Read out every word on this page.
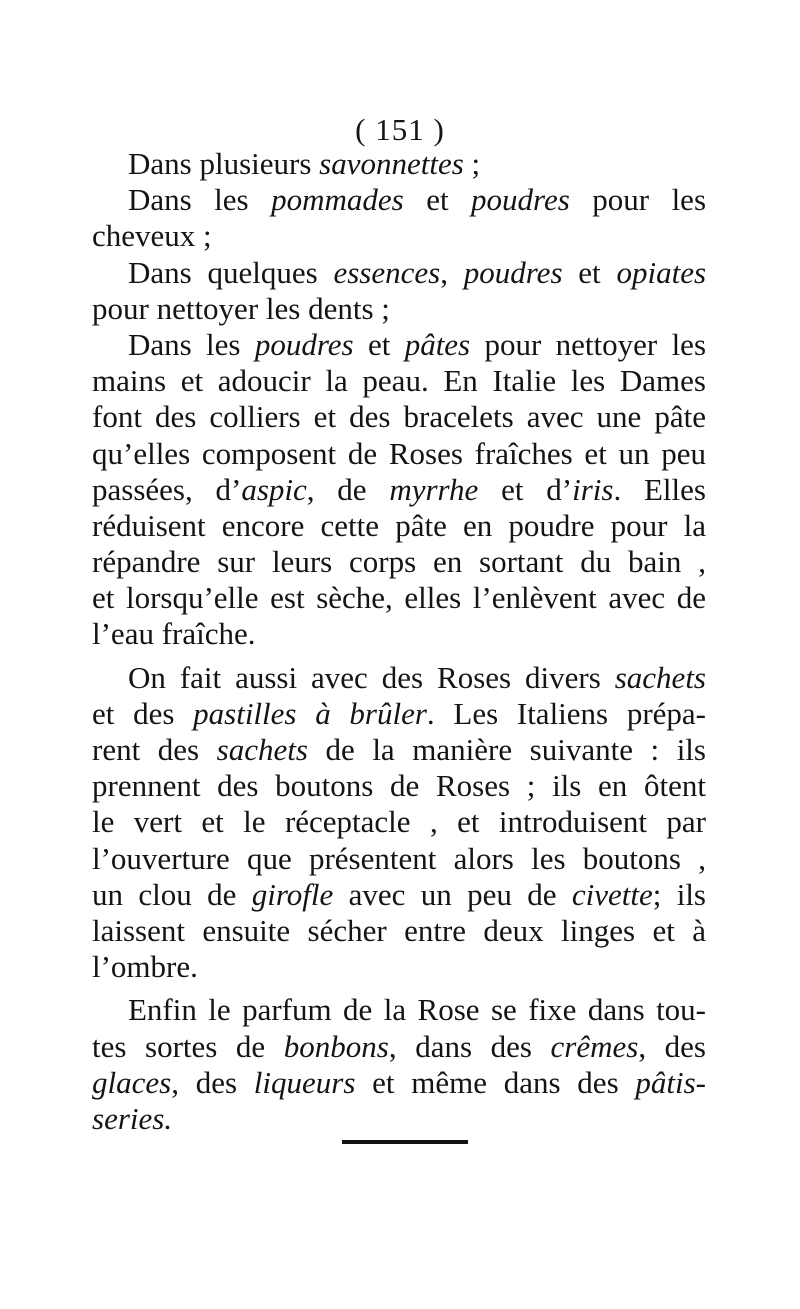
( 151 )
Dans plusieurs savonnettes ;
Dans les pommades et poudres pour les
cheveux ;
Dans quelques essences, poudres et opiates
pour nettoyer les dents ;
Dans les poudres et pâtes pour nettoyer les
mains et adoucir la peau. En Italie les Dames
font des colliers et des bracelets avec une pâte
qu’elles composent de Roses fraîches et un peu
passées, d’aspic, de myrrhe et d’iris. Elles
réduisent encore cette pâte en poudre pour la
répandre sur leurs corps en sortant du bain ,
et lorsqu’elle est sèche, elles l’enlèvent avec de
l’eau fraîche.
On fait aussi avec des Roses divers sachets
et des pastilles à brûler. Les Italiens prépa-
rent des sachets de la manière suivante : ils
prennent des boutons de Roses ; ils en ôtent
le vert et le réceptacle , et introduisent par
l’ouverture que présentent alors les boutons ,
un clou de girofle avec un peu de civette; ils
laissent ensuite sécher entre deux linges et à
l’ombre.
Enfin le parfum de la Rose se fixe dans tou-
tes sortes de bonbons, dans des crêmes, des
glaces, des liqueurs et même dans des pâtis-
series.
